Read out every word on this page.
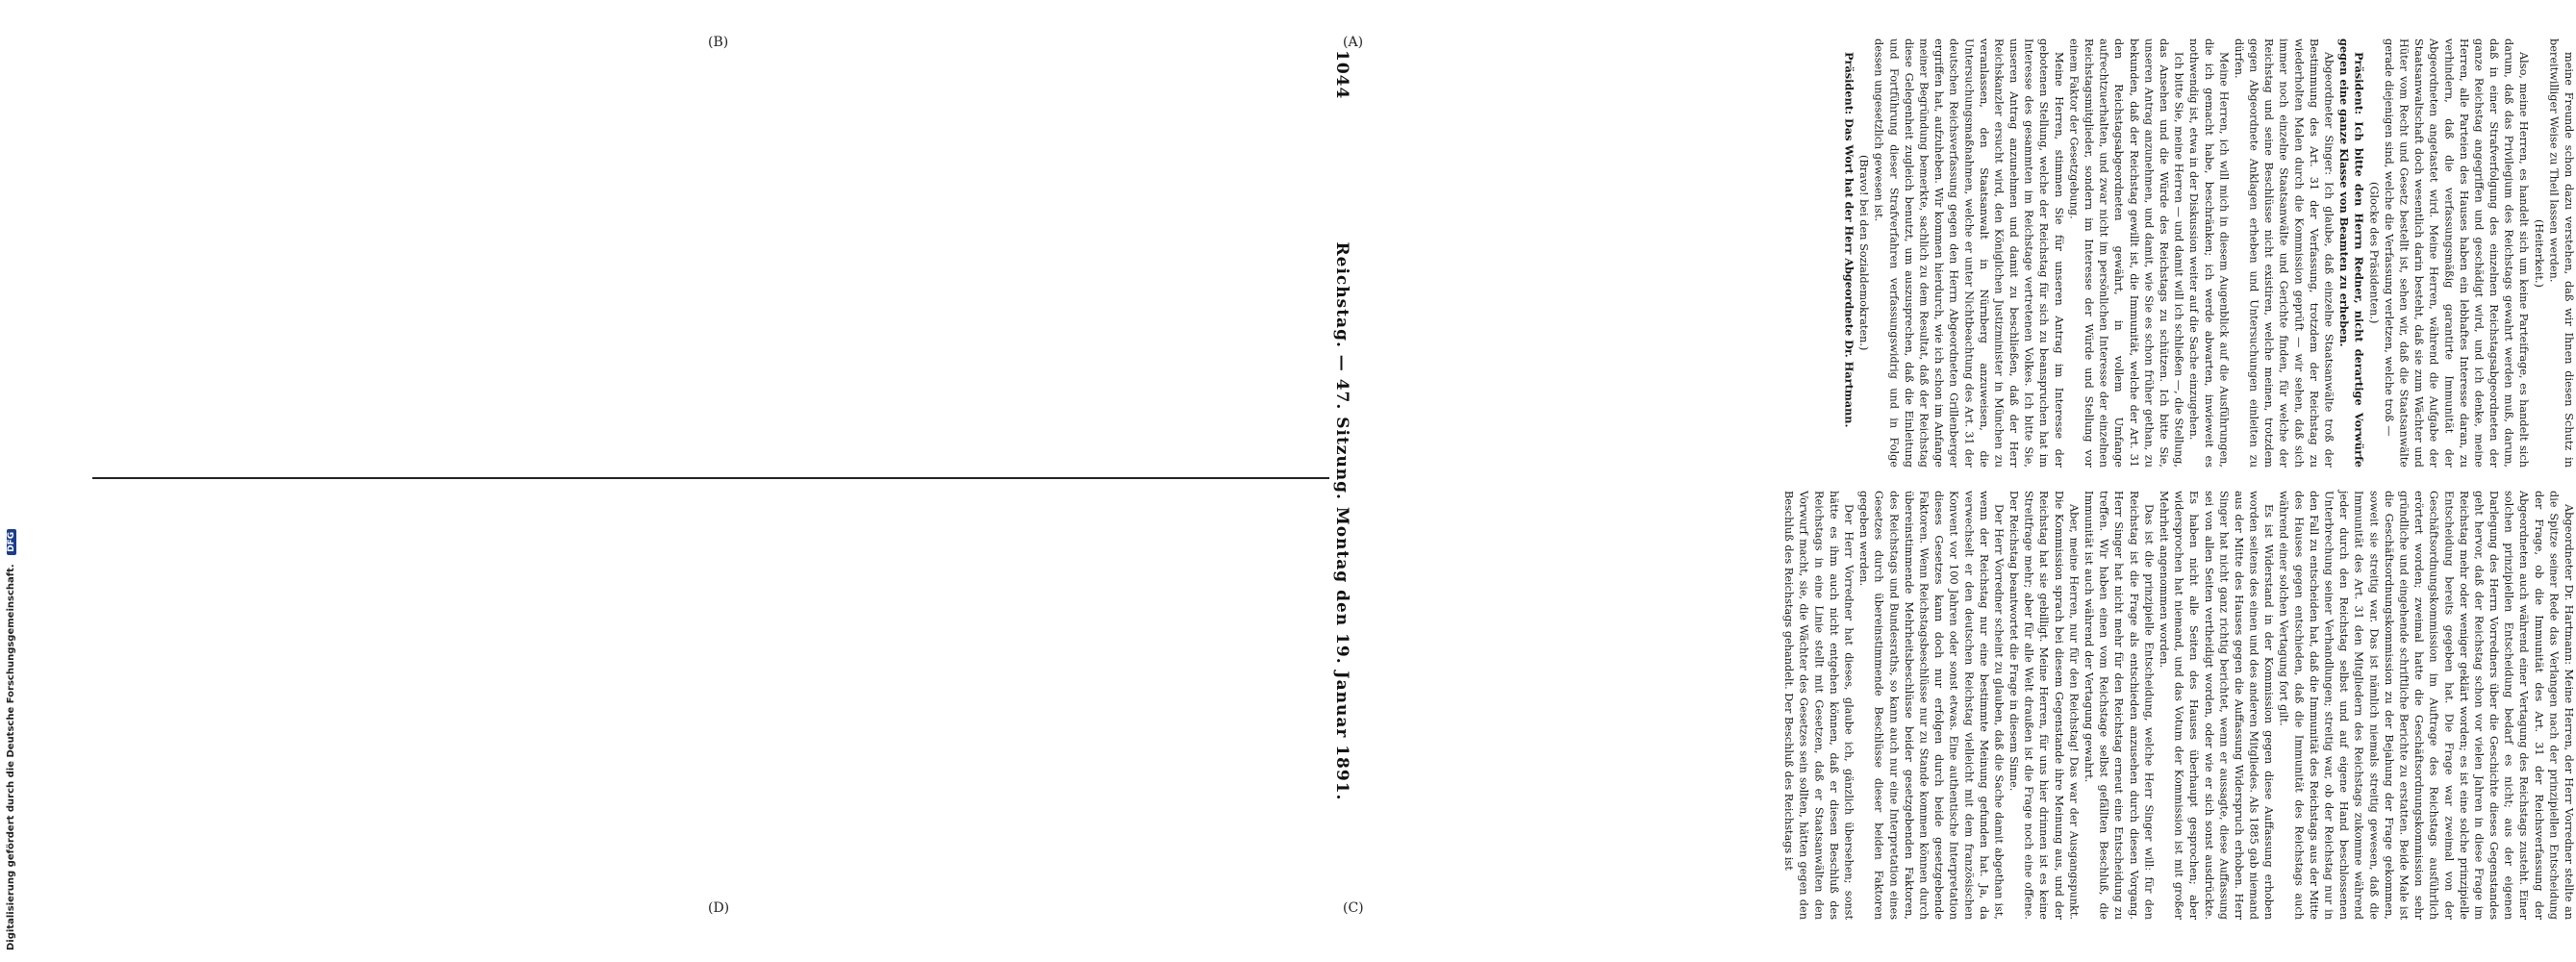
1044
Reichstag. — 47. Sitzung. Montag den 19. Januar 1891.
(A)
(B)
(C)
(D)

meine Freunde schon dazu verstehen, daß wir Ihnen diesen Schutz in bereitwilliger Weise zu Theil lassen werden.

(Heiterkeit.)

Also, meine Herren, es handelt sich um keine Parteifrage, es handelt sich darum, daß das Privilegium des Reichstags gewahrt werden muß, darum, daß in einer Strafverfolgung des einzelnen Reichstagsabgeordneten der ganze Reichstag angegriffen und geschädigt wird, und ich denke, meine Herren, alle Parteien des Hauses haben ein lebhaftes Interesse daran, zu verhindern, daß die verfassungsmäßig garantirte Immunität der Abgeordneten angetastet wird. Meine Herren, während die Aufgabe der Staatsanwaltschaft doch wesentlich darin besteht, daß sie zum Wächter und Hüter vom Recht und Gesetz bestellt ist, sehen wir, daß die Staatsanwälte gerade diejenigen sind, welche die Verfassung verletzen, welche troß —

(Glocke des Präsidenten.)

Präsident: Ich bitte den Herrn Redner, nicht derartige Vorwürfe gegen eine ganze Klasse von Beamten zu erheben.

Abgeordneter Singer: Ich glaube, daß einzelne Staatsanwälte troß der Bestimmung des Art. 31 der Verfassung, trotzdem der Reichstag zu wiederholten Malen durch die Kommission geprüft — wir sehen, daß sich immer noch einzelne Staatsanwälte und Gerichte finden, für welche der Reichstag und seine Beschlüsse nicht existiren, welche meinen, trotzdem gegen Abgeordnete Anklagen erheben und Untersuchungen einleiten zu dürfen.

Meine Herren, ich will mich in diesem Augenblick auf die Ausführungen, die ich gemacht habe, beschränken; ich werde abwarten, inwieweit es nothwendig ist, etwa in der Diskussion weiter auf die Sache einzugehen.

Ich bitte Sie, meine Herren — und damit will ich schließen —, die Stellung, das Ansehen und die Würde des Reichstags zu schützen. Ich bitte Sie, unseren Antrag anzunehmen, und damit, wie Sie es schon früher gethan, zu bekunden, daß der Reichstag gewillt ist, die Immunität, welche der Art. 31 den Reichstagsabgeordneten gewährt, in vollem Umfange aufrechtzuerhalten, und zwar nicht im persönlichen Interesse der einzelnen Reichstagsmitglieder, sondern im Interesse der Würde und Stellung vor einem Faktor der Gesetzgebung.

Meine Herren, stimmen Sie für unseren Antrag im Interesse der gebotenen Stellung, welche der Reichstag für sich zu beanspruchen hat im Interesse des gesammten im Reichstage vertretenen Volkes. Ich bitte Sie, unseren Antrag anzunehmen und damit zu beschließen, daß der Herr Reichskanzler ersucht wird, den Königlichen Justizminister in München zu veranlassen, den Staatsanwalt in Nürnberg anzuweisen, die Untersuchungsmaßnahmen, welche er unter Nichtbeachtung des Art. 31 der deutschen Reichsverfassung gegen den Herrn Abgeordneten Grillenberger ergriffen hat, aufzuheben. Wir kommen hierdurch, wie ich schon im Anfange meiner Begründung bemerkte, sachlich zu dem Resultat, daß der Reichstag diese Gelegenheit zugleich benutzt, um auszusprechen, daß die Einleitung und Fortführung dieser Strafverfahren verfassungswidrig und in Folge dessen ungesetzlich gewesen ist.

(Bravo! bei den Sozialdemokraten.)

Präsident: Das Wort hat der Herr Abgeordnete Dr. Hartmann.

Abgeordneter Dr. Hartmann: Meine Herren, der Herr Vorredner stellte an die Spitze seiner Rede das Verlangen nach der prinzipiellen Entscheidung der Frage, ob die Immunität des Art. 31 der Reichsverfassung der Abgeordneten auch während einer Vertagung des Reichstags zusteht. Einer solchen prinzipiellen Entscheidung bedarf es nicht; aus der eigenen Darlegung des Herrn Vorredners über die Geschichte dieses Gegenstandes geht hervor, daß der Reichstag schon vor vielen Jahren in diese Frage im Reichstag mehr oder weniger geklärt worden; es ist eine solche prinzipielle Entscheidung bereits gegeben hat. Die Frage war zweimal von der Geschäftsordnungskommission im Auftrage des Reichstags ausführlich erörtert worden; zweimal hatte die Geschäftsordnungskommission sehr gründliche und eingehende schriftliche Berichte zu erstatten. Beide Male ist die Geschäftsordnungskommission zu der Bejahung der Frage gekommen, soweit sie streitig war. Das ist nämlich niemals streitig gewesen, daß die Immunität des Art. 31 den Mitgliedern des Reichstags zukomme während jeder durch den Reichstag selbst und auf eigene Hand beschlossenen Unterbrechung seiner Verhandlungen; streitig war, ob der Reichstag nur in den Fall zu entscheiden hat, daß die Immunität des Reichstags aus der Mitte des Hauses gegen entschieden, daß die Immunität des Reichstags auch während einer solchen Vertagung fort gilt.

Es ist Widerstand in der Kommission gegen diese Auffassung erhoben worden seitens des einen und des anderen Mitgliedes. Als 1885 gab niemand aus der Mitte des Hauses gegen die Auffassung Widerspruch erhoben. Herr Singer hat nicht ganz richtig berichtet, wenn er aussagte, diese Auffassung sei von allen Seiten vertheidigt worden, oder wie er sich sonst ausdrückte. Es haben nicht alle Seiten des Hauses überhaupt gesprochen; aber widersprochen hat niemand, und das Votum der Kommission ist mit großer Mehrheit angenommen worden.

Das ist die prinzipielle Entscheidung, welche Herr Singer will: für den Reichstag ist die Frage als entschieden anzusehen durch diesen Vorgang. Herr Singer hat nicht mehr für den Reichstag erneut eine Entscheidung zu treffen. Wir haben einen vom Reichstage selbst gefällten Beschluß, die Immunität ist auch während der Vertagung gewahrt.

Aber, meine Herren, nur für den Reichstag! Das war der Ausgangspunkt. Die Kommission sprach bei diesem Gegenstande ihre Meinung aus, und der Reichstag hat sie gebilligt. Meine Herren, für uns hier drinnen ist es keine Streitfrage mehr; aber für alle Welt draußen ist die Frage noch eine offene. Der Reichstag beantwortet die Frage in diesem Sinne.

Der Herr Vorredner scheint zu glauben, daß die Sache damit abgethan ist, wenn der Reichstag nur eine bestimmte Meinung gefunden hat. Ja, da verwechselt er den deutschen Reichstag vielleicht mit dem französischen Konvent vor 100 Jahren oder sonst etwas. Eine authentische Interpretation dieses Gesetzes kann doch nur erfolgen durch beide gesetzgebende Faktoren. Wenn Reichstagsbeschlüsse nur zu Stande kommen können durch übereinstimmende Mehrheitsbeschlüsse beider gesetzgebenden Faktoren, des Reichstags und Bundesraths, so kann auch nur eine Interpretation eines Gesetzes durch übereinstimmende Beschlüsse dieser beiden Faktoren gegeben werden.

Der Herr Vorredner hat dieses, glaube ich, gänzlich übersehen; sonst hätte es ihm auch nicht entgehen können, daß er diesen Beschluß des Reichstags in eine Linie stellt mit Gesetzen, daß er Staatsanwälten den Vorwurf macht, sie, die Wächter des Gesetzes sein sollten, hätten gegen den Beschluß des Reichstags gehandelt. Der Beschluß des Reichstags ist

Digitalisierung gefördert durch die Deutsche Forschungsgemeinschaft. DFG
